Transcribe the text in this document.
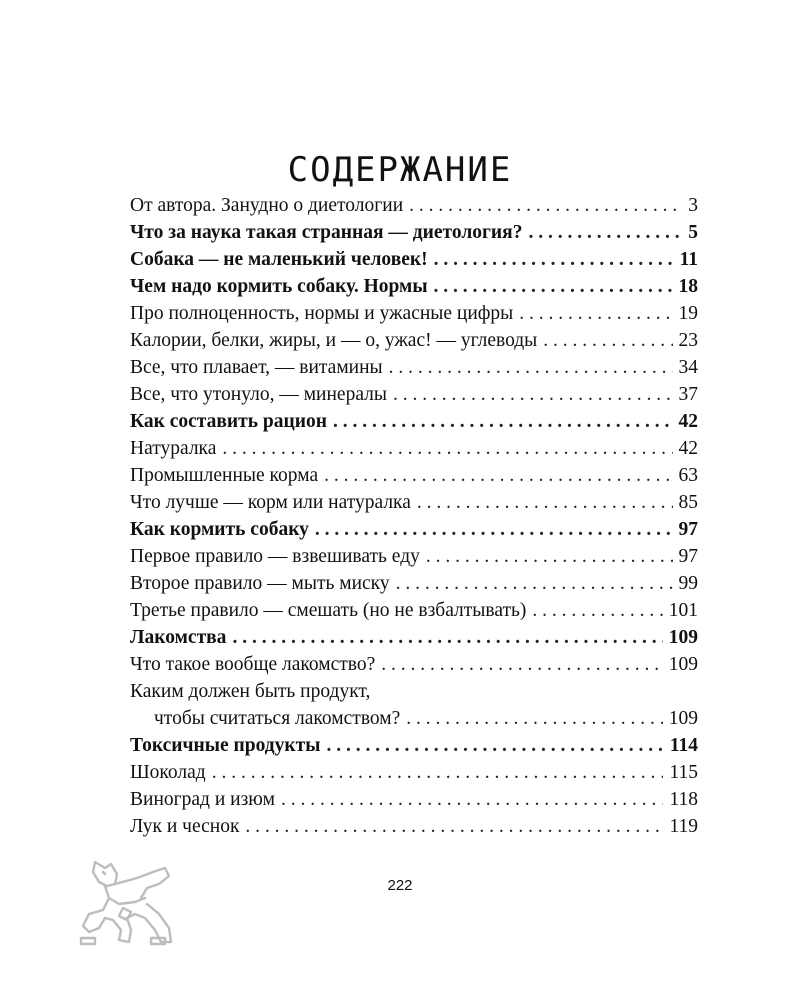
СОДЕРЖАНИЕ
От автора. Занудно о диетологии . . .	3
Что за наука такая странная — диетология? . . .	5
Собака — не маленький человек! . . .	11
Чем надо кормить собаку. Нормы . . .	18
Про полноценность, нормы и ужасные цифры . . .	19
Калории, белки, жиры, и — о, ужас! — углеводы . . .	23
Все, что плавает, — витамины . . .	34
Все, что утонуло, — минералы . . .	37
Как составить рацион . . .	42
Натуралка . . .	42
Промышленные корма . . .	63
Что лучше — корм или натуралка . . .	85
Как кормить собаку . . .	97
Первое правило — взвешивать еду . . .	97
Второе правило — мыть миску . . .	99
Третье правило — смешать (но не взбалтывать) . . .	101
Лакомства . . .	109
Что такое вообще лакомство? . . .	109
Каким должен быть продукт,
чтобы считаться лакомством? . . .	109
Токсичные продукты . . .	114
Шоколад . . .	115
Виноград и изюм . . .	118
Лук и чеснок . . .	119
222
